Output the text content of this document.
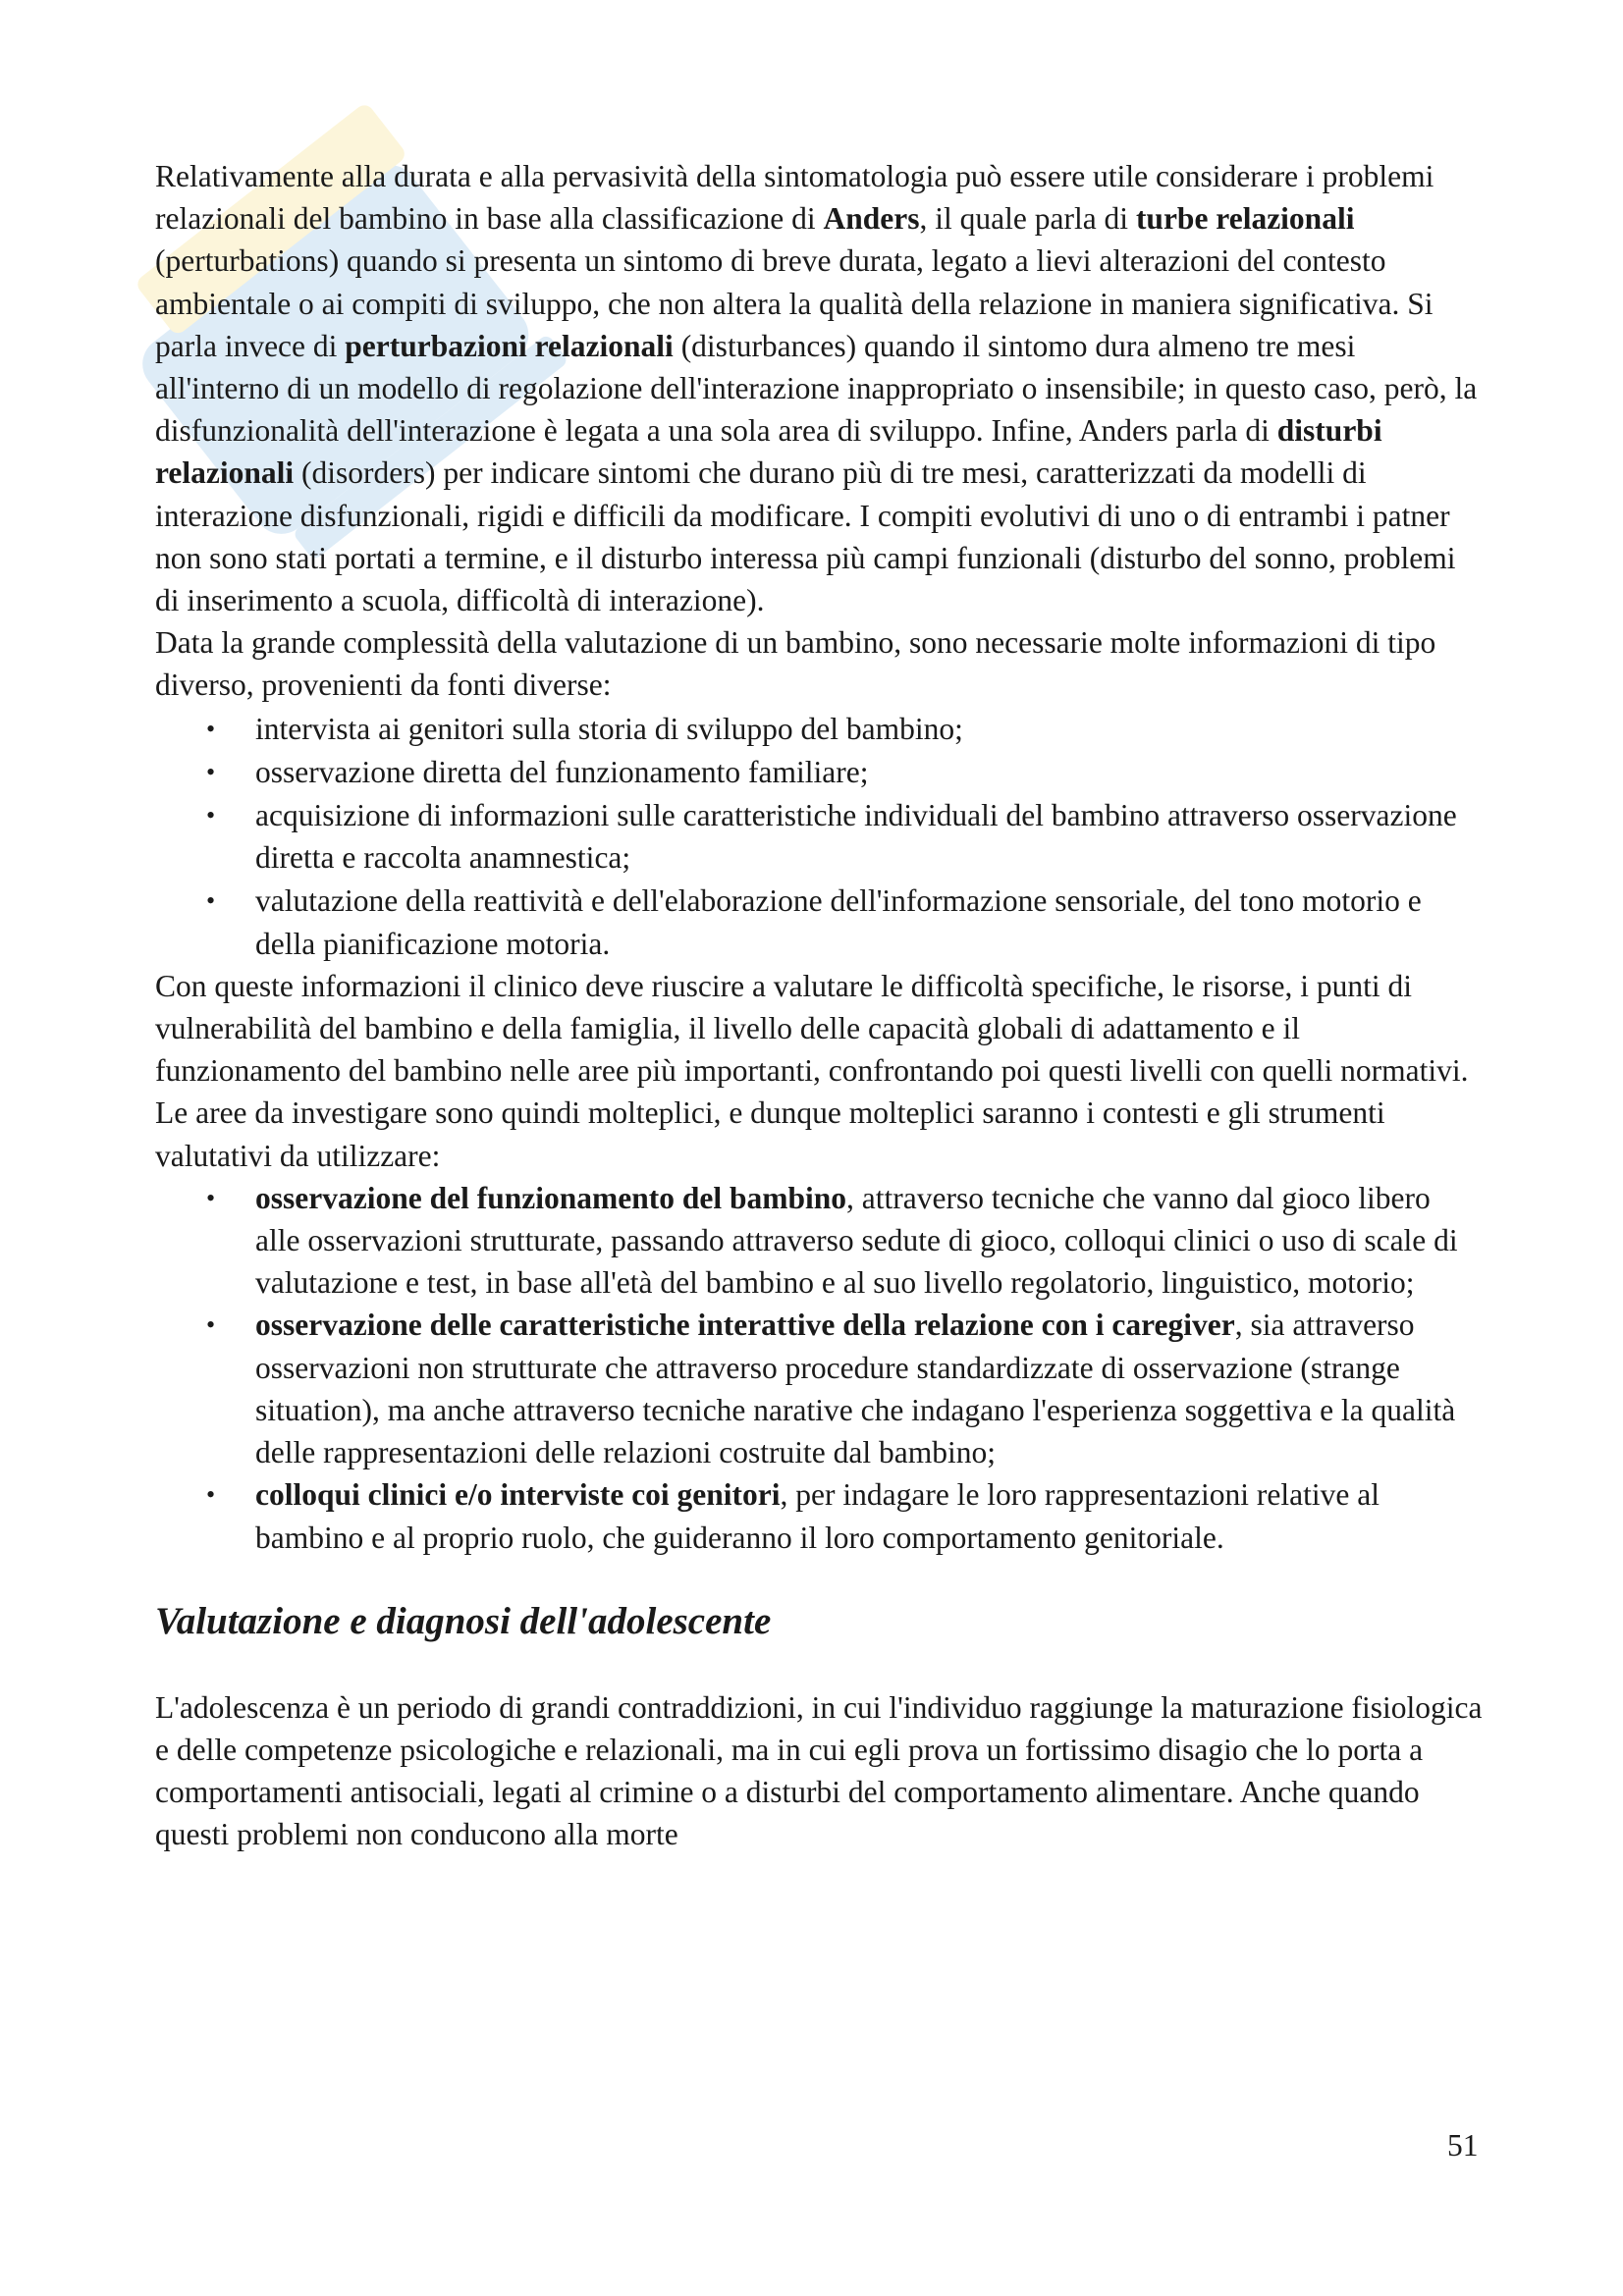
Relativamente alla durata e alla pervasività della sintomatologia può essere utile considerare i problemi relazionali del bambino in base alla classificazione di Anders, il quale parla di turbe relazionali (perturbations) quando si presenta un sintomo di breve durata, legato a lievi alterazioni del contesto ambientale o ai compiti di sviluppo, che non altera la qualità della relazione in maniera significativa. Si parla invece di perturbazioni relazionali (disturbances) quando il sintomo dura almeno tre mesi all'interno di un modello di regolazione dell'interazione inappropriato o insensibile; in questo caso, però, la disfunzionalità dell'interazione è legata a una sola area di sviluppo. Infine, Anders parla di disturbi relazionali (disorders) per indicare sintomi che durano più di tre mesi, caratterizzati da modelli di interazione disfunzionali, rigidi e difficili da modificare. I compiti evolutivi di uno o di entrambi i patner non sono stati portati a termine, e il disturbo interessa più campi funzionali (disturbo del sonno, problemi di inserimento a scuola, difficoltà di interazione).

Data la grande complessità della valutazione di un bambino, sono necessarie molte informazioni di tipo diverso, provenienti da fonti diverse:

• intervista ai genitori sulla storia di sviluppo del bambino;
• osservazione diretta del funzionamento familiare;
• acquisizione di informazioni sulle caratteristiche individuali del bambino attraverso osservazione diretta e raccolta anamnestica;
• valutazione della reattività e dell'elaborazione dell'informazione sensoriale, del tono motorio e della pianificazione motoria.

Con queste informazioni il clinico deve riuscire a valutare le difficoltà specifiche, le risorse, i punti di vulnerabilità del bambino e della famiglia, il livello delle capacità globali di adattamento e il funzionamento del bambino nelle aree più importanti, confrontando poi questi livelli con quelli normativi. Le aree da investigare sono quindi molteplici, e dunque molteplici saranno i contesti e gli strumenti valutativi da utilizzare:

• osservazione del funzionamento del bambino, attraverso tecniche che vanno dal gioco libero alle osservazioni strutturate, passando attraverso sedute di gioco, colloqui clinici o uso di scale di valutazione e test, in base all'età del bambino e al suo livello regolatorio, linguistico, motorio;
• osservazione delle caratteristiche interattive della relazione con i caregiver, sia attraverso osservazioni non strutturate che attraverso procedure standardizzate di osservazione (strange situation), ma anche attraverso tecniche narative che indagano l'esperienza soggettiva e la qualità delle rappresentazioni delle relazioni costruite dal bambino;
• colloqui clinici e/o interviste coi genitori, per indagare le loro rappresentazioni relative al bambino e al proprio ruolo, che guideranno il loro comportamento genitoriale.
Valutazione e diagnosi dell'adolescente

L'adolescenza è un periodo di grandi contraddizioni, in cui l'individuo raggiunge la maturazione fisiologica e delle competenze psicologiche e relazionali, ma in cui egli prova un fortissimo disagio che lo porta a comportamenti antisociali, legati al crimine o a disturbi del comportamento alimentare. Anche quando questi problemi non conducono alla morte

51
